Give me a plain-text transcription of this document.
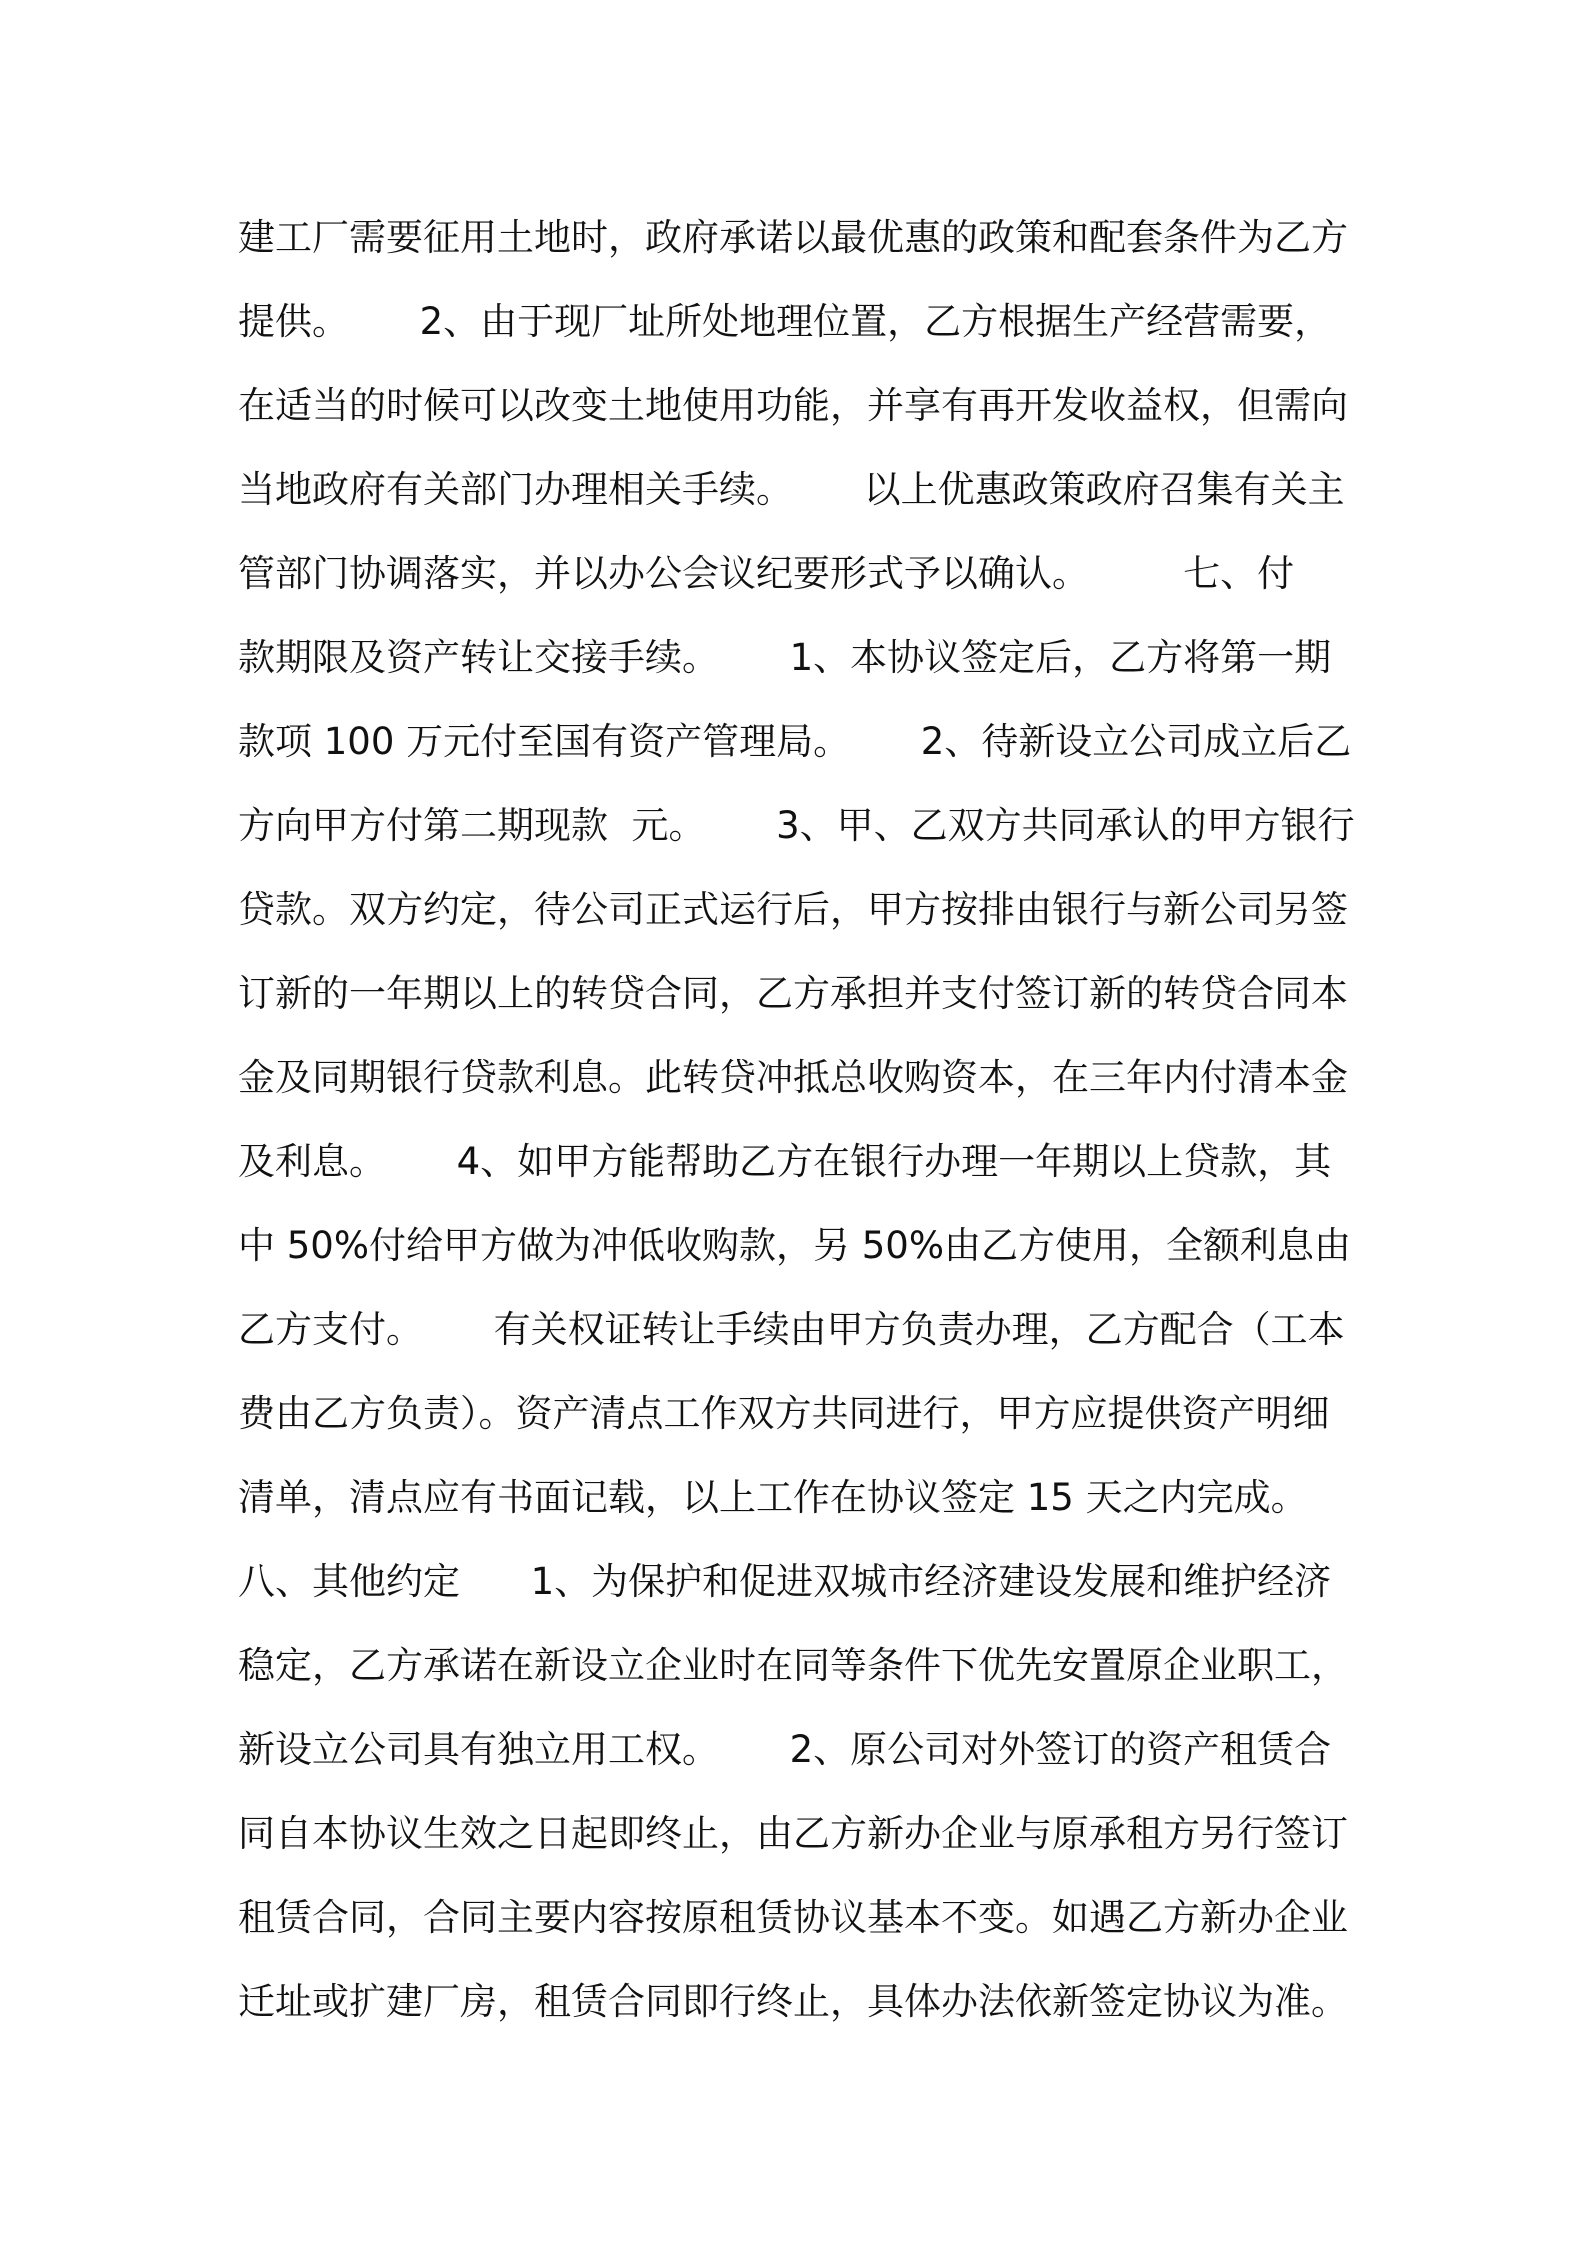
建工厂需要征用土地时，政府承诺以最优惠的政策和配套条件为乙方
提供。      2、由于现厂址所处地理位置，乙方根据生产经营需要，
在适当的时候可以改变土地使用功能，并享有再开发收益权，但需向
当地政府有关部门办理相关手续。      以上优惠政策政府召集有关主
管部门协调落实，并以办公会议纪要形式予以确认。        七、付
款期限及资产转让交接手续。      1、本协议签定后，乙方将第一期
款项 100 万元付至国有资产管理局。      2、待新设立公司成立后乙
方向甲方付第二期现款  元。      3、甲、乙双方共同承认的甲方银行
贷款。双方约定，待公司正式运行后，甲方按排由银行与新公司另签
订新的一年期以上的转贷合同，乙方承担并支付签订新的转贷合同本
金及同期银行贷款利息。此转贷冲抵总收购资本，在三年内付清本金
及利息。      4、如甲方能帮助乙方在银行办理一年期以上贷款，其
中 50%付给甲方做为冲低收购款，另 50%由乙方使用，全额利息由
乙方支付。      有关权证转让手续由甲方负责办理，乙方配合（工本
费由乙方负责）。资产清点工作双方共同进行，甲方应提供资产明细
清单，清点应有书面记载，以上工作在协议签定 15 天之内完成。
八、其他约定      1、为保护和促进双城市经济建设发展和维护经济
稳定，乙方承诺在新设立企业时在同等条件下优先安置原企业职工，
新设立公司具有独立用工权。      2、原公司对外签订的资产租赁合
同自本协议生效之日起即终止，由乙方新办企业与原承租方另行签订
租赁合同，合同主要内容按原租赁协议基本不变。如遇乙方新办企业
迁址或扩建厂房，租赁合同即行终止，具体办法依新签定协议为准。
